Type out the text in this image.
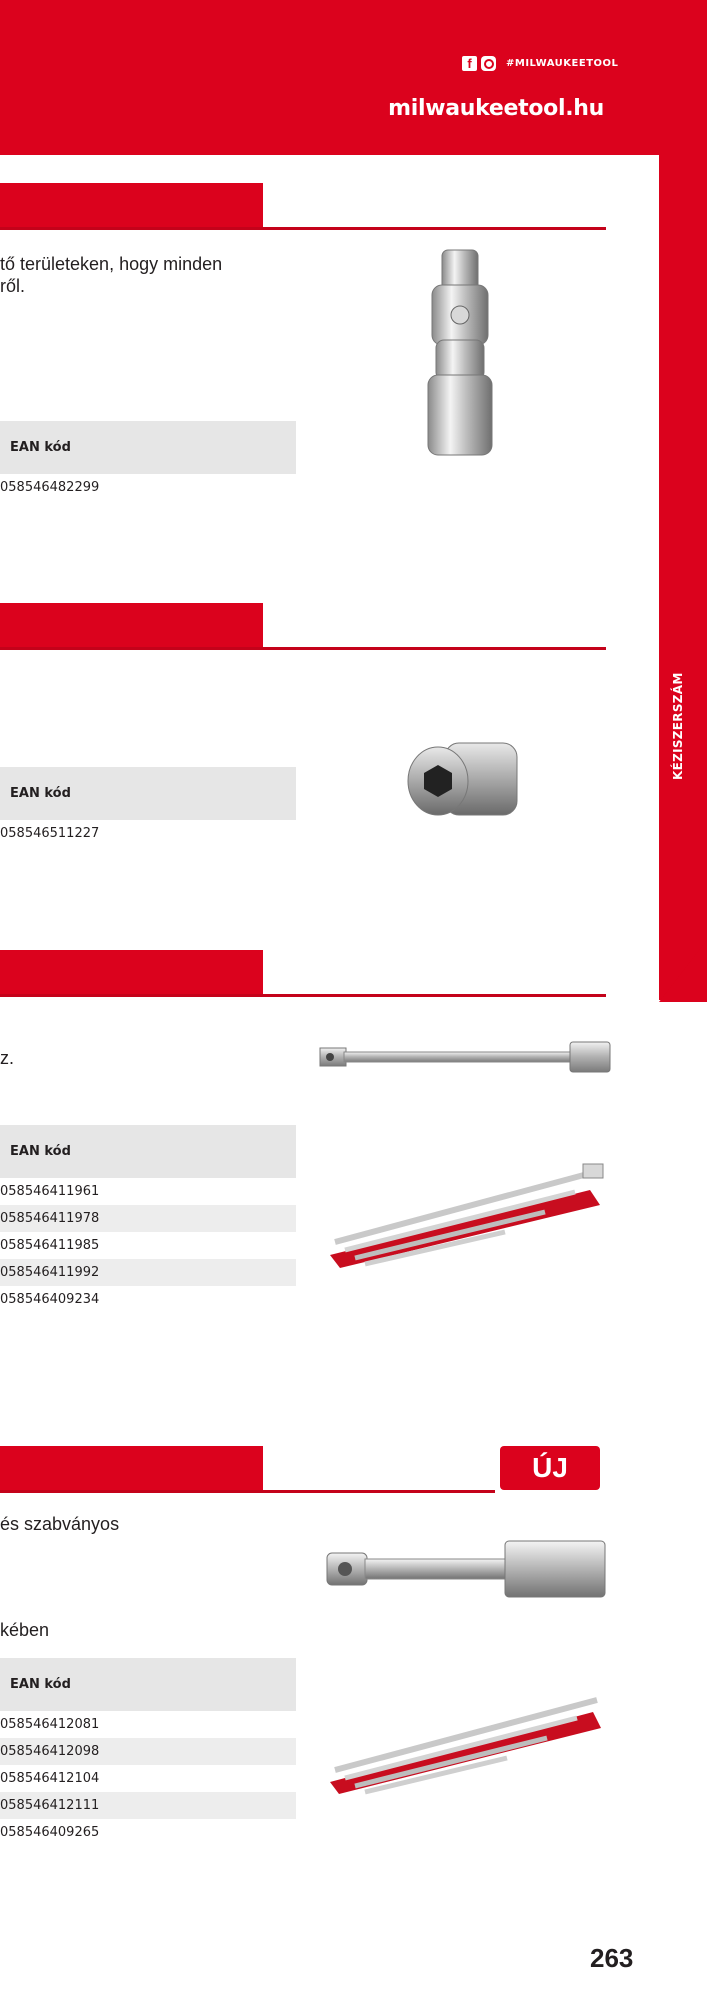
f	#MILWAUKEETOOL
milwaukeetool.hu
KÉZISZERSZÁM
tő területeken, hogy minden
ről.
EAN kód
058546482299
EAN kód
058546511227
z.
EAN kód
058546411961
058546411978
058546411985
058546411992
058546409234
ÚJ
és szabványos
kében
EAN kód
058546412081
058546412098
058546412104
058546412111
058546409265
263
